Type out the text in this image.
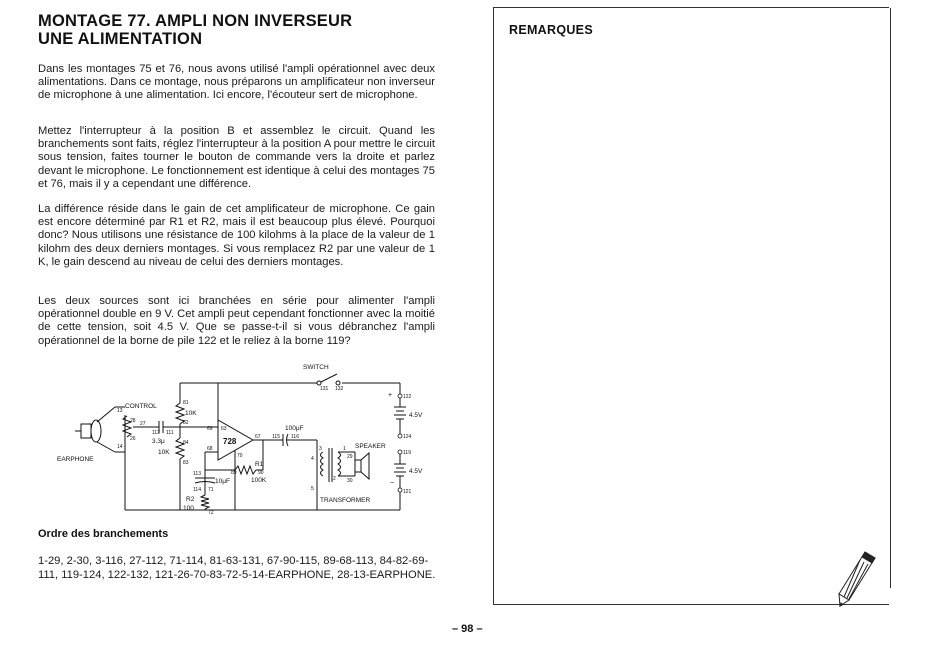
MONTAGE 77. AMPLI NON INVERSEUR
UNE ALIMENTATION

Dans les montages 75 et 76, nous avons utilisé l'ampli opérationnel avec deux alimentations. Dans ce montage, nous préparons un amplificateur non inverseur de microphone à une alimentation. Ici encore, l'écouteur sert de microphone.

Mettez l'interrupteur à la position B et assemblez le circuit. Quand les branchements sont faits, réglez l'interrupteur à la position A pour mettre le circuit sous tension, faites tourner le bouton de commande vers la droite et parlez devant le microphone. Le fonctionnement est identique à celui des montages 75 et 76, mais il y a cependant une différence.

La différence réside dans le gain de cet amplificateur de microphone. Ce gain est encore déterminé par R1 et R2, mais il est beaucoup plus élevé. Pourquoi donc? Nous utilisons une résistance de 100 kilohms à la place de la valeur de 1 kilohm des deux derniers montages. Si vous remplacez R2 par une valeur de 1 K, le gain descend au niveau de celui des derniers montages.

Les deux sources sont ici branchées en série pour alimenter l'ampli opérationnel double en 9 V. Cet ampli peut cependant fonctionner avec la moitié de cette tension, soit 4.5 V. Que se passe-t-il si vous débranchez l'ampli opérationnel de la borne de pile 122 et le reliez à la borne 119?

SWITCH
131 132
+ 122
4.5V
124
119
4.5V
−
121
CONTROL
13
EARPHONE
14
28 27
26	3.3μ
112 111
81
10K
82
84
10K
83
69 63
728
68
70
67 115
100μF
116
R1
89	90
100K
113
10μF
114 71
R2
100
72
4
3
5
2
1
29
30
SPEAKER
TRANSFORMER

Ordre des branchements

1-29, 2-30, 3-116, 27-112, 71-114, 81-63-131, 67-90-115, 89-68-113, 84-82-69-111, 119-124, 122-132, 121-26-70-83-72-5-14-EARPHONE, 28-13-EARPHONE.

REMARQUES

– 98 –
